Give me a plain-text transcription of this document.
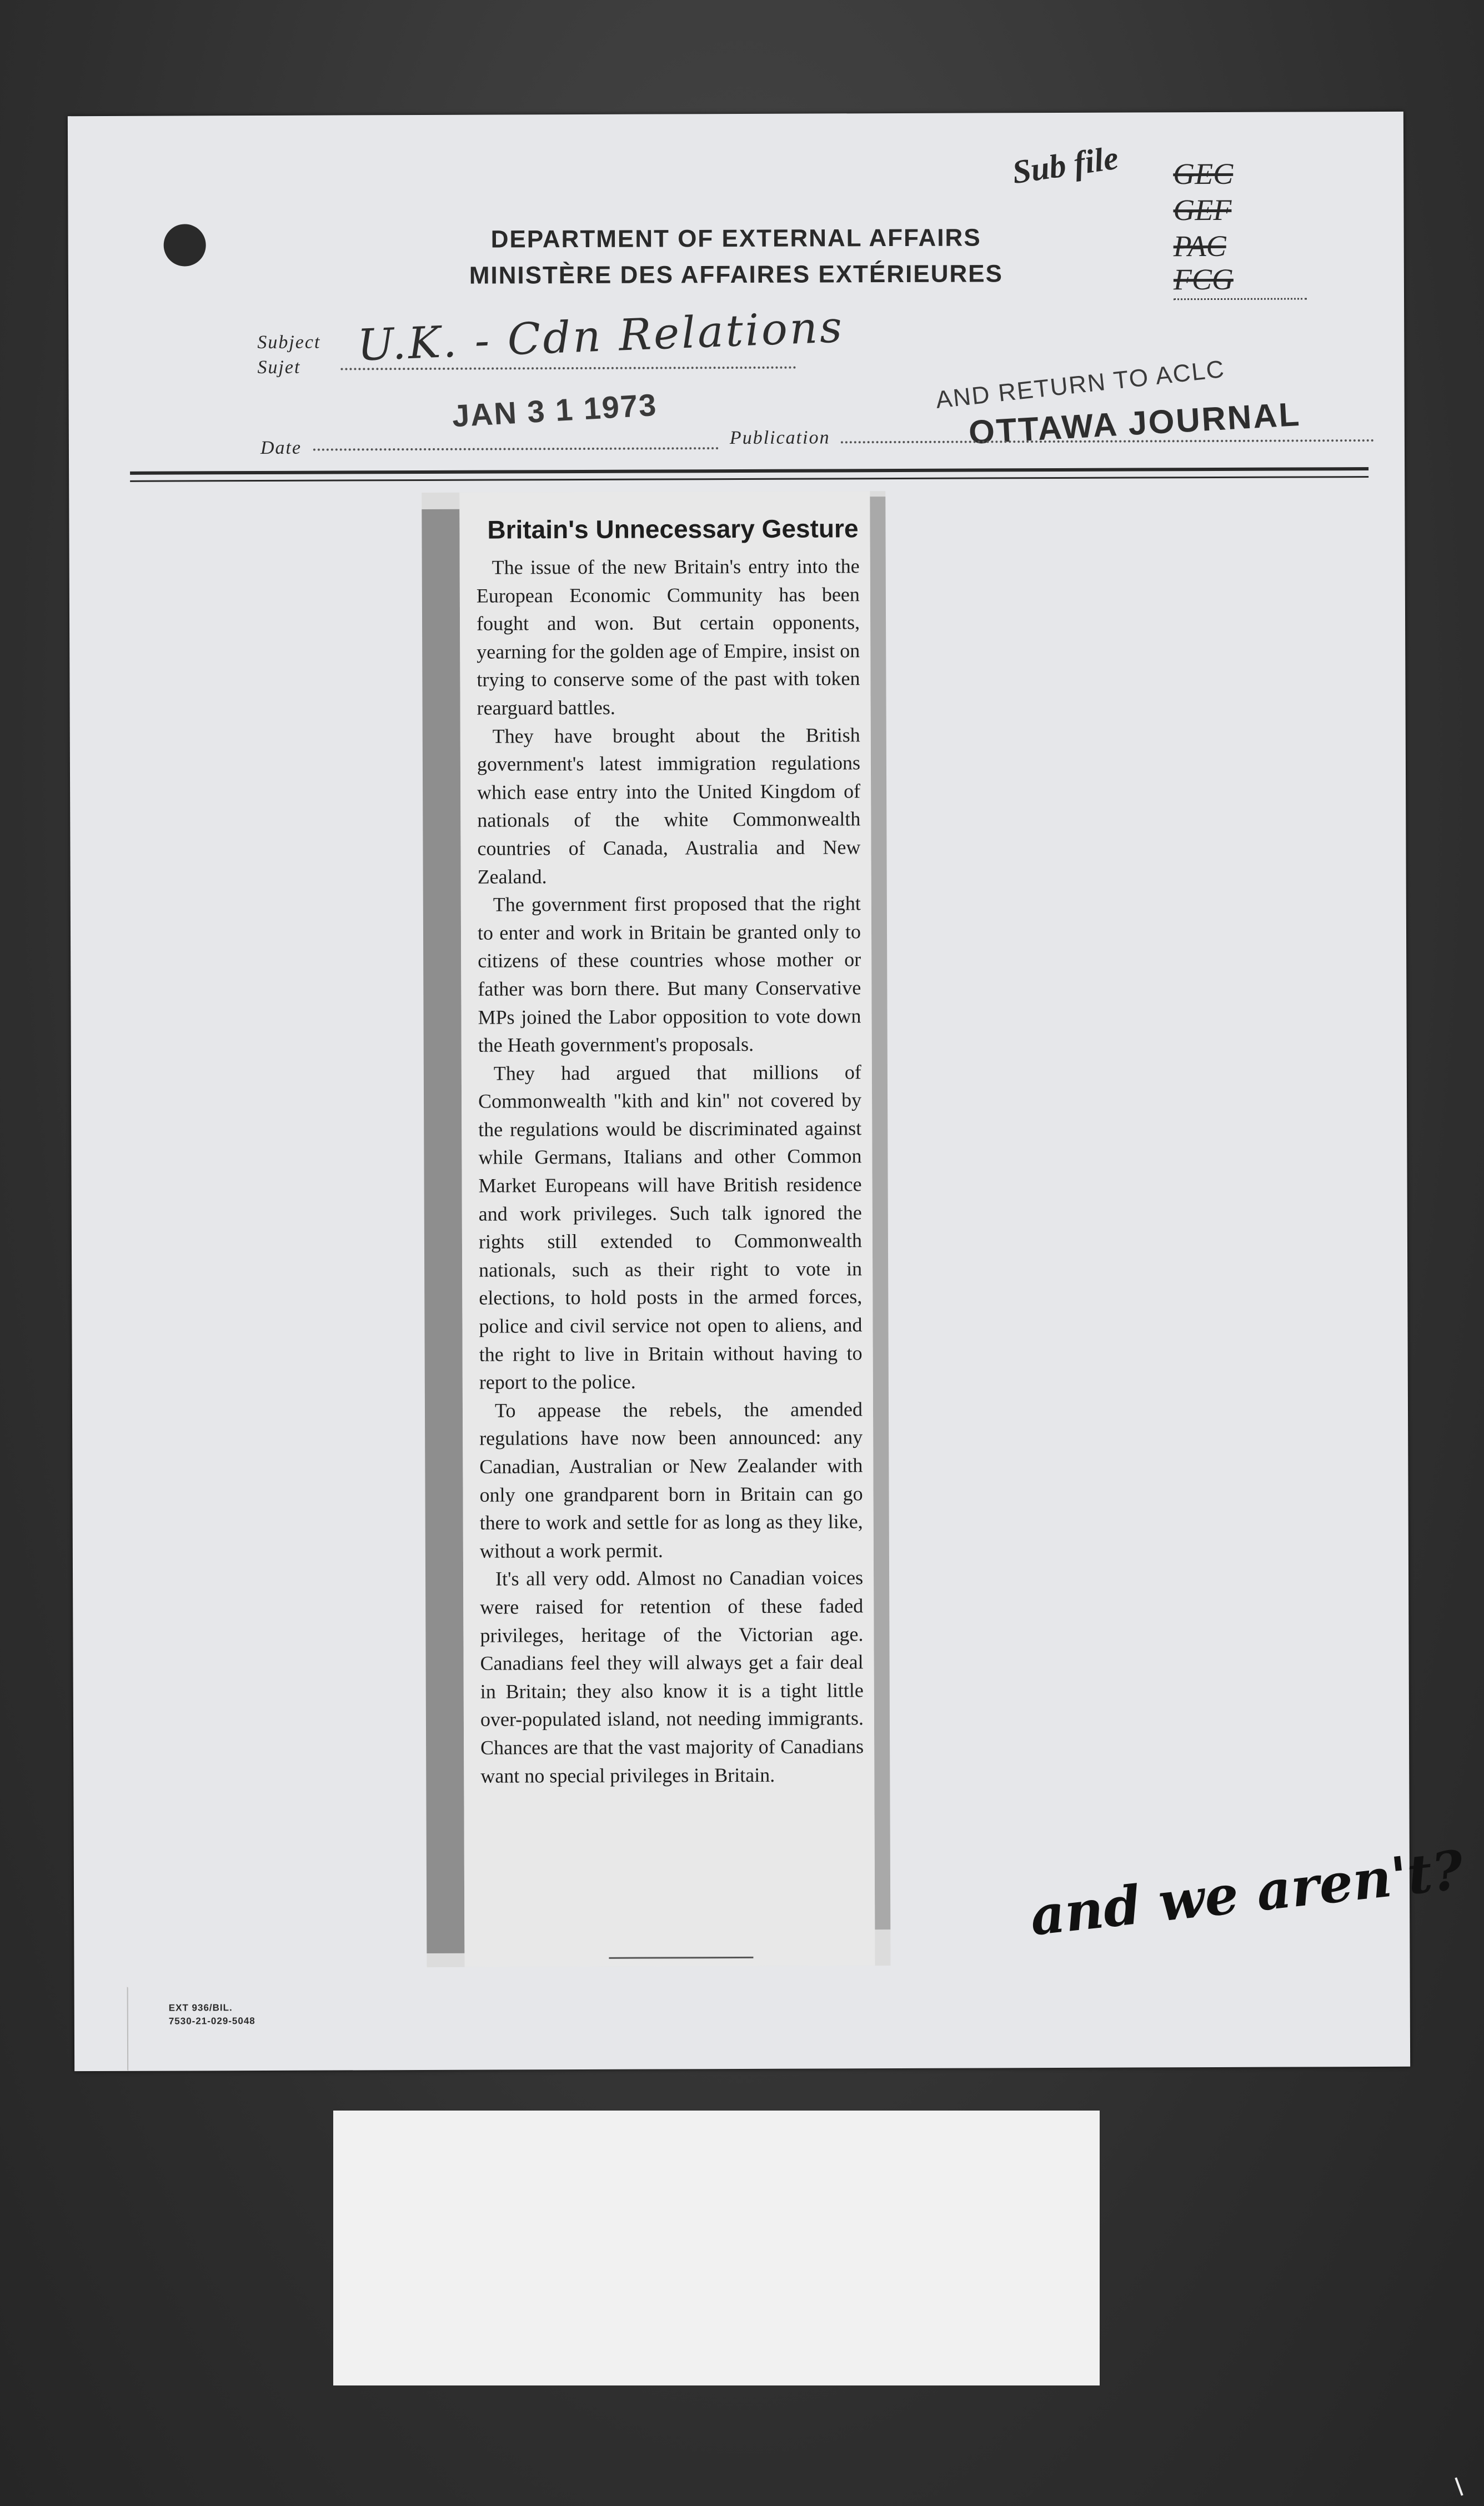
Sub file GEC
GEF
PAC
FCG
DEPARTMENT OF EXTERNAL AFFAIRS
MINISTÈRE DES AFFAIRES EXTÉRIEURES
Subject
Sujet U.K. - Cdn Relations
JAN 3 1 1973	AND RETURN TO ACLC
OTTAWA JOURNAL
Date	Publication
Britain's Unnecessary Gesture

The issue of the new Britain's entry into the European Economic Community has been fought and won. But certain opponents, yearning for the golden age of Empire, insist on trying to conserve some of the past with token rearguard battles.

They have brought about the British government's latest immigration regulations which ease entry into the United Kingdom of nationals of the white Commonwealth countries of Canada, Australia and New Zealand.

The government first proposed that the right to enter and work in Britain be granted only to citizens of these countries whose mother or father was born there. But many Conservative MPs joined the Labor opposition to vote down the Heath government's proposals.

They had argued that millions of Commonwealth "kith and kin" not covered by the regulations would be discriminated against while Germans, Italians and other Common Market Europeans will have British residence and work privileges. Such talk ignored the rights still extended to Commonwealth nationals, such as their right to vote in elections, to hold posts in the armed forces, police and civil service not open to aliens, and the right to live in Britain without having to report to the police.

To appease the rebels, the amended regulations have now been announced: any Canadian, Australian or New Zealander with only one grandparent born in Britain can go there to work and settle for as long as they like, without a work permit.

It's all very odd. Almost no Canadian voices were raised for retention of these faded privileges, heritage of the Victorian age. Canadians feel they will always get a fair deal in Britain; they also know it is a tight little over-populated island, not needing immigrants. Chances are that the vast majority of Canadians want no special privileges in Britain.

and we aren't?
EXT 936/BIL.
7530-21-029-5048
